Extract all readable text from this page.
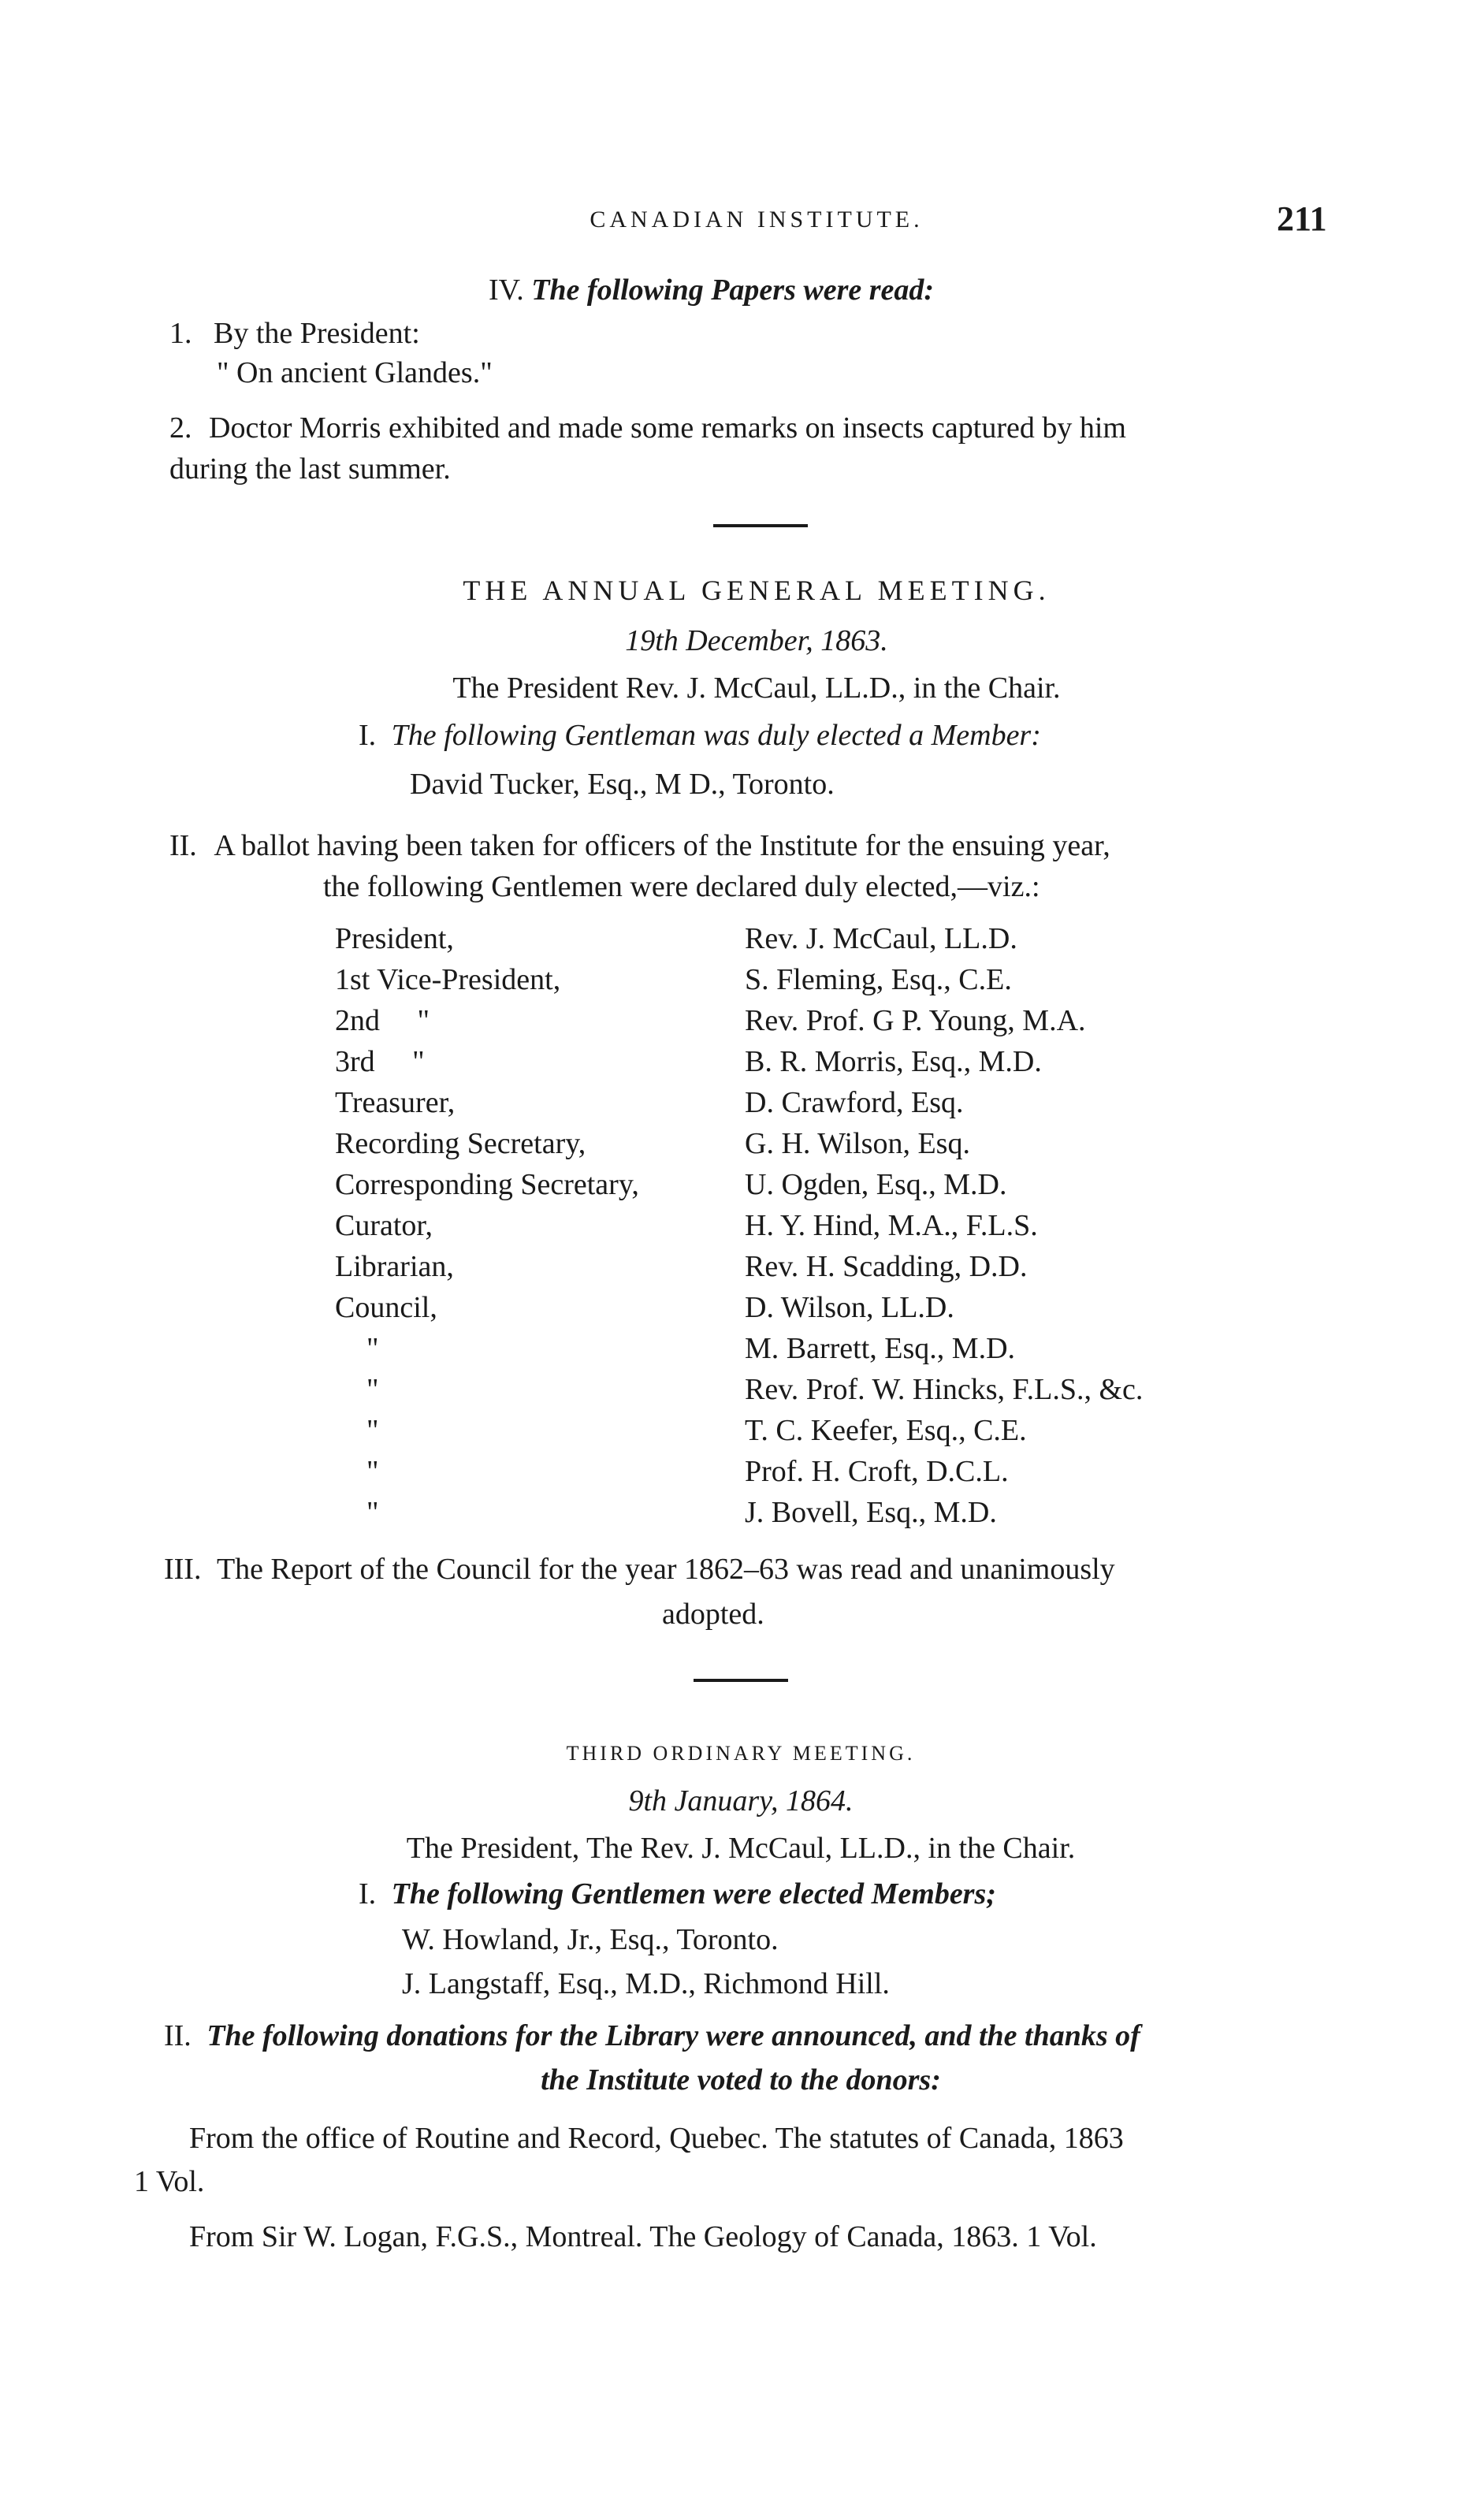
CANADIAN INSTITUTE.	211
IV. The following Papers were read:
1. By the President:
" On ancient Glandes."
2. Doctor Morris exhibited and made some remarks on insects captured by him
during the last summer.
THE ANNUAL GENERAL MEETING.
19th December, 1863.
The President Rev. J. McCaul, LL.D., in the Chair.
I. The following Gentleman was duly elected a Member:
David Tucker, Esq., M D., Toronto.
II. A ballot having been taken for officers of the Institute for the ensuing year,
the following Gentlemen were declared duly elected,—viz.:
President,	Rev. J. McCaul, LL.D.
1st Vice-President,	S. Fleming, Esq., C.E.
2nd     "	Rev. Prof. G P. Young, M.A.
3rd     "	B. R. Morris, Esq., M.D.
Treasurer,	D. Crawford, Esq.
Recording Secretary,	G. H. Wilson, Esq.
Corresponding Secretary,	U. Ogden, Esq., M.D.
Curator,	H. Y. Hind, M.A., F.L.S.
Librarian,	Rev. H. Scadding, D.D.
Council,	D. Wilson, LL.D.
"	M. Barrett, Esq., M.D.
"	Rev. Prof. W. Hincks, F.L.S., &c.
"	T. C. Keefer, Esq., C.E.
"	Prof. H. Croft, D.C.L.
"	J. Bovell, Esq., M.D.
III. The Report of the Council for the year 1862–63 was read and unanimously
adopted.
THIRD ORDINARY MEETING.
9th January, 1864.
The President, The Rev. J. McCaul, LL.D., in the Chair.
I. The following Gentlemen were elected Members;
W. Howland, Jr., Esq., Toronto.
J. Langstaff, Esq., M.D., Richmond Hill.
II. The following donations for the Library were announced, and the thanks of
the Institute voted to the donors:
From the office of Routine and Record, Quebec. The statutes of Canada, 1863
1 Vol.
From Sir W. Logan, F.G.S., Montreal. The Geology of Canada, 1863. 1 Vol.
